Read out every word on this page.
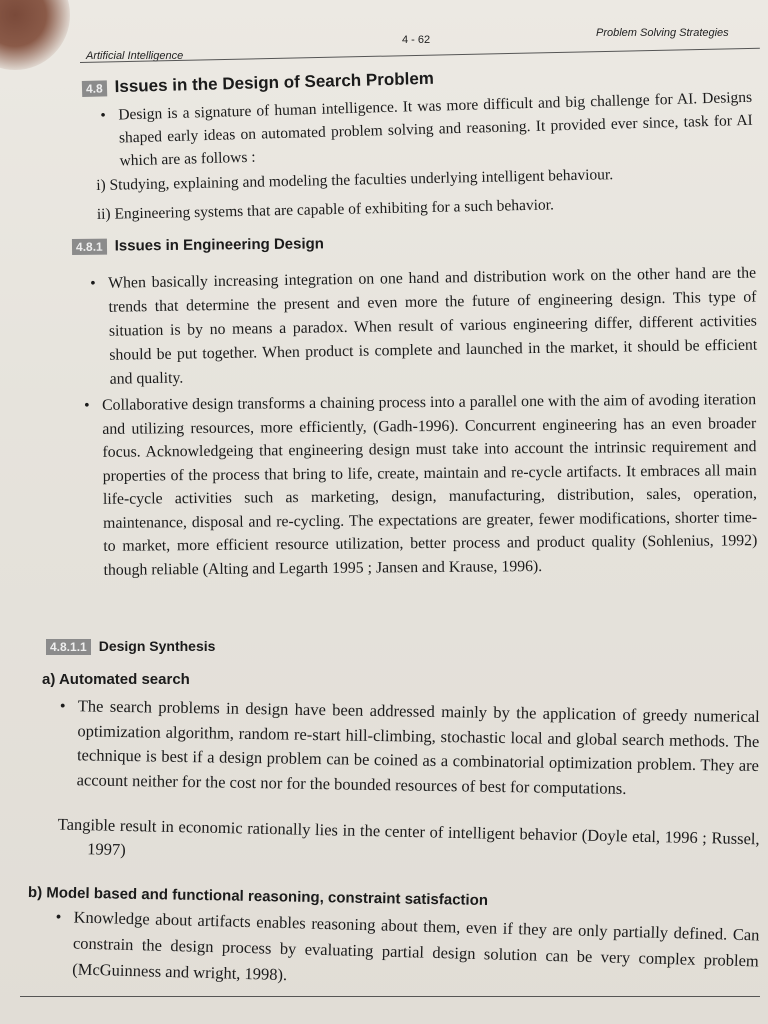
Artificial Intelligence
4 - 62
Problem Solving Strategies
4.8 Issues in the Design of Search Problem

• Design is a signature of human intelligence. It was more difficult and big challenge for AI. Designs shaped early ideas on automated problem solving and reasoning. It provided ever since, task for AI which are as follows :

i) Studying, explaining and modeling the faculties underlying intelligent behaviour.

ii) Engineering systems that are capable of exhibiting for a such behavior.

4.8.1 Issues in Engineering Design

• When basically increasing integration on one hand and distribution work on the other hand are the trends that determine the present and even more the future of engineering design. This type of situation is by no means a paradox. When result of various engineering differ, different activities should be put together. When product is complete and launched in the market, it should be efficient and quality.

• Collaborative design transforms a chaining process into a parallel one with the aim of avoding iteration and utilizing resources, more efficiently, (Gadh-1996). Concurrent engineering has an even broader focus. Acknowledgeing that engineering design must take into account the intrinsic requirement and properties of the process that bring to life, create, maintain and re-cycle artifacts. It embraces all main life-cycle activities such as marketing, design, manufacturing, distribution, sales, operation, maintenance, disposal and re-cycling. The expectations are greater, fewer modifications, shorter time-to market, more efficient resource utilization, better process and product quality (Sohlenius, 1992) though reliable (Alting and Legarth 1995 ; Jansen and Krause, 1996).

4.8.1.1 Design Synthesis
a) Automated search

• The search problems in design have been addressed mainly by the application of greedy numerical optimization algorithm, random re-start hill-climbing, stochastic local and global search methods. The technique is best if a design problem can be coined as a combinatorial optimization problem. They are account neither for the cost nor for the bounded resources of best for computations.

Tangible result in economic rationally lies in the center of intelligent behavior (Doyle etal, 1996 ; Russel, 1997)

b) Model based and functional reasoning, constraint satisfaction

• Knowledge about artifacts enables reasoning about them, even if they are only partially defined. Can constrain the design process by evaluating partial design solution can be very complex problem (McGuinness and wright, 1998).
